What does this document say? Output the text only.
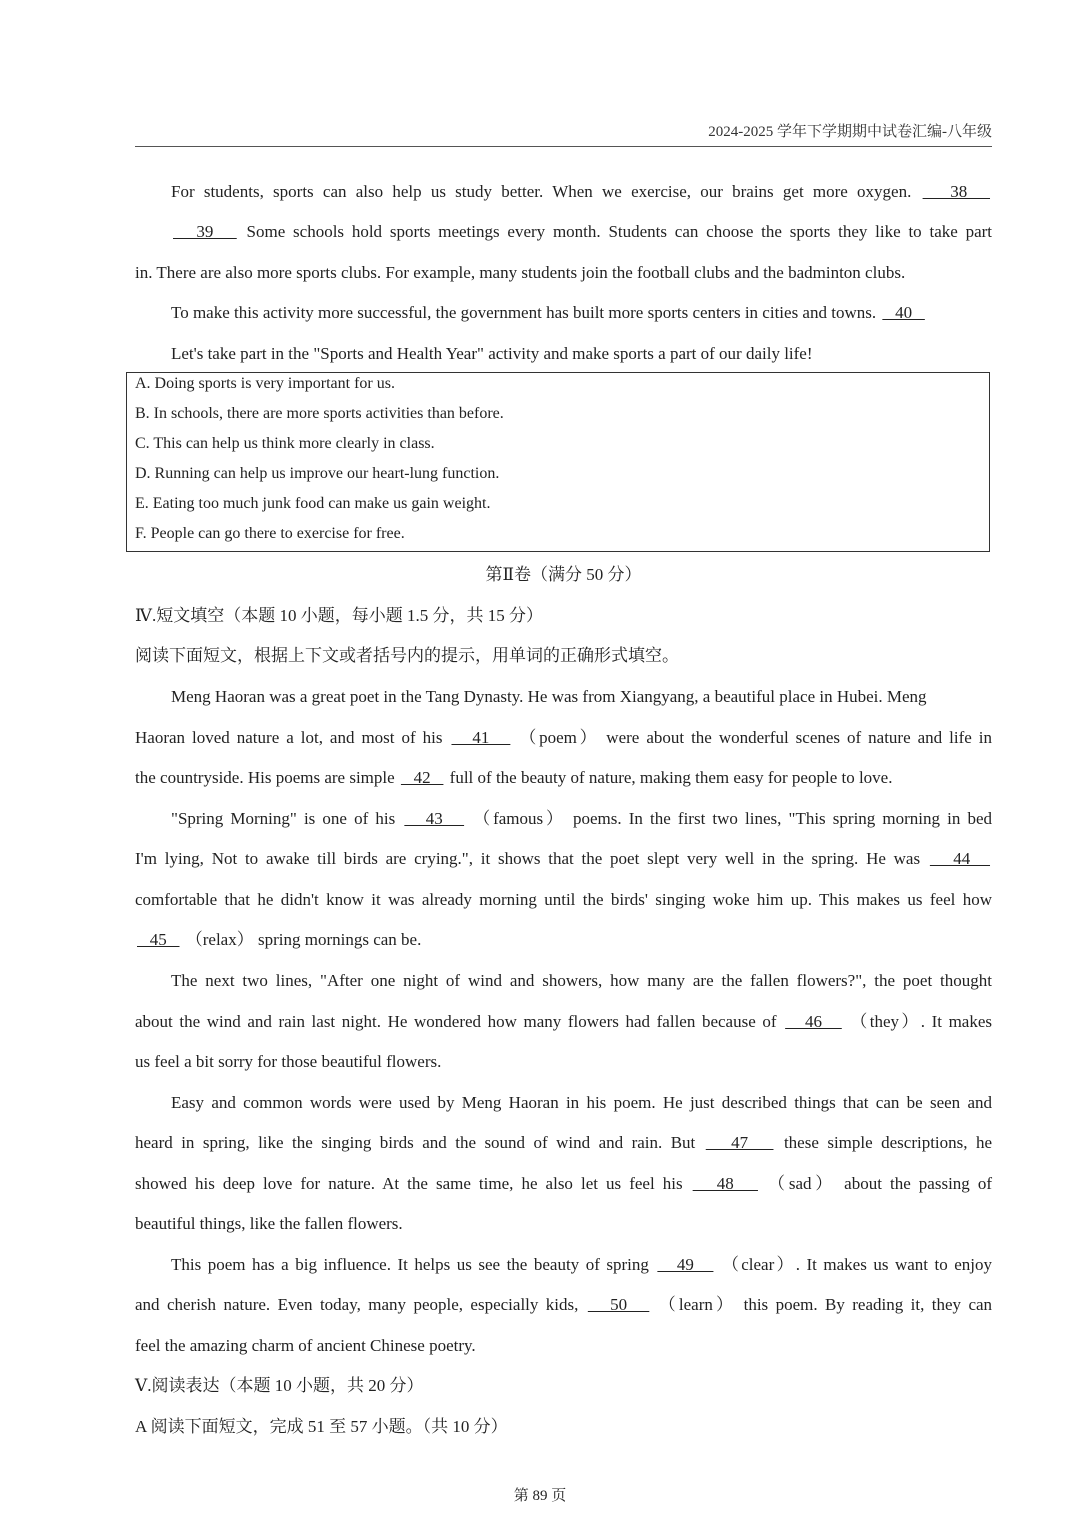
2024-2025 学年下学期期中试卷汇编-八年级
For students, sports can also help us study better. When we exercise, our brains get more oxygen.    38
39    Some schools hold sports meetings every month. Students can choose the sports they like to take part
in. There are also more sports clubs. For example, many students join the football clubs and the badminton clubs.
To make this activity more successful, the government has built more sports centers in cities and towns.    40
Let's take part in the "Sports and Health Year" activity and make sports a part of our daily life!
A. Doing sports is very important for us.
B. In schools, there are more sports activities than before.
C. This can help us think more clearly in class.
D. Running can help us improve our heart-lung function.
E. Eating too much junk food can make us gain weight.
F. People can go there to exercise for free.
第Ⅱ卷（满分 50 分）
Ⅳ.短文填空（本题 10 小题，每小题 1.5 分，共 15 分）
阅读下面短文，根据上下文或者括号内的提示，用单词的正确形式填空。
Meng Haoran was a great poet in the Tang Dynasty. He was from Xiangyang, a beautiful place in Hubei. Meng
Haoran loved nature a lot, and most of his    41    （poem） were about the wonderful scenes of nature and life in
the countryside. His poems are simple    42    full of the beauty of nature, making them easy for people to love.
"Spring Morning" is one of his    43    （famous） poems. In the first two lines, "This spring morning in bed
I'm lying, Not to awake till birds are crying.", it shows that the poet slept very well in the spring. He was    44
comfortable that he didn't know it was already morning until the birds' singing woke him up. This makes us feel how
45    （relax） spring mornings can be.
The next two lines, "After one night of wind and showers, how many are the fallen flowers?", the poet thought
about the wind and rain last night. He wondered how many flowers had fallen because of    46    （they）. It makes
us feel a bit sorry for those beautiful flowers.
Easy and common words were used by Meng Haoran in his poem. He just described things that can be seen and
heard in spring, like the singing birds and the sound of wind and rain. But    47    these simple descriptions, he
showed his deep love for nature. At the same time, he also let us feel his    48    （sad） about the passing of
beautiful things, like the fallen flowers.
This poem has a big influence. It helps us see the beauty of spring    49    （clear）. It makes us want to enjoy
and cherish nature. Even today, many people, especially kids,    50    （learn） this poem. By reading it, they can
feel the amazing charm of ancient Chinese poetry.
Ⅴ.阅读表达（本题 10 小题，共 20 分）
A 阅读下面短文，完成 51 至 57 小题。（共 10 分）
第 89 页
